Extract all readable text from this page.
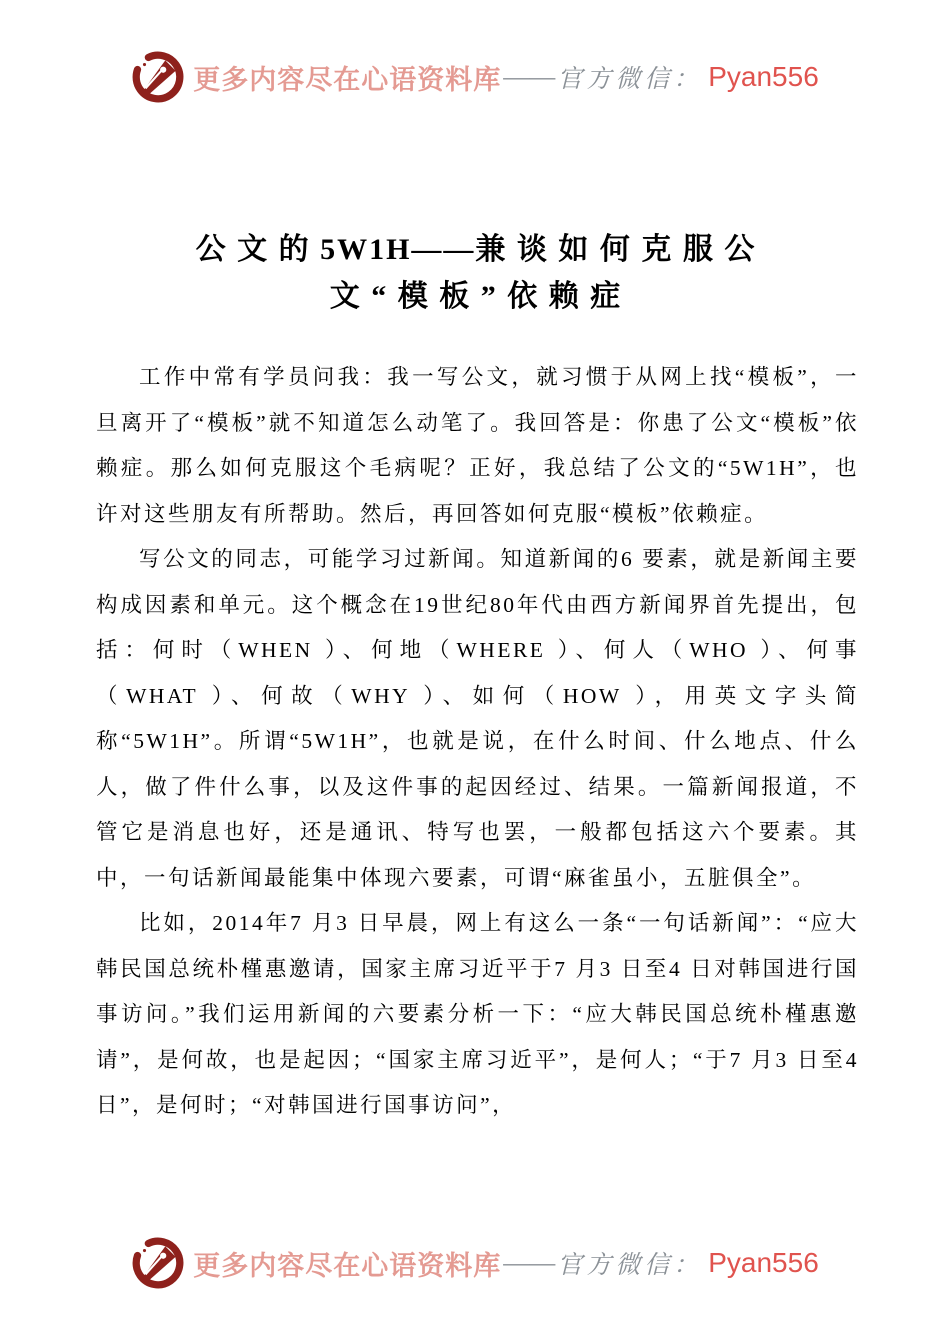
更多内容尽在心语资料库 —— 官方微信： Pyan556
公 文 的 5W1H——兼 谈 如 何 克 服 公
文 “ 模 板 ” 依 赖 症

工作中常有学员问我：我一写公文，就习惯于从网上找“模板”，一旦离开了“模板”就不知道怎么动笔了。我回答是：你患了公文“模板”依赖症。那么如何克服这个毛病呢？正好，我总结了公文的“5W1H”，也许对这些朋友有所帮助。然后，再回答如何克服“模板”依赖症。

写公文的同志，可能学习过新闻。知道新闻的6 要素，就是新闻主要构成因素和单元。这个概念在19世纪80年代由西方新闻界首先提出，包括：何时（WHEN ）、何地（WHERE ）、何人（WHO ）、何事（WHAT ）、何故（WHY ）、如何（HOW ），用英文字头简称“5W1H”。所谓“5W1H”，也就是说，在什么时间、什么地点、什么人，做了件什么事，以及这件事的起因经过、结果。一篇新闻报道，不管它是消息也好，还是通讯、特写也罢，一般都包括这六个要素。其中，一句话新闻最能集中体现六要素，可谓“麻雀虽小，五脏俱全”。

比如，2014年7 月3 日早晨，网上有这么一条“一句话新闻”：“应大韩民国总统朴槿惠邀请，国家主席习近平于7 月3 日至4 日对韩国进行国事访问。”我们运用新闻的六要素分析一下：“应大韩民国总统朴槿惠邀请”，是何故，也是起因；“国家主席习近平”，是何人；“于7 月3 日至4 日”，是何时；“对韩国进行国事访问”，

更多内容尽在心语资料库 —— 官方微信： Pyan556
